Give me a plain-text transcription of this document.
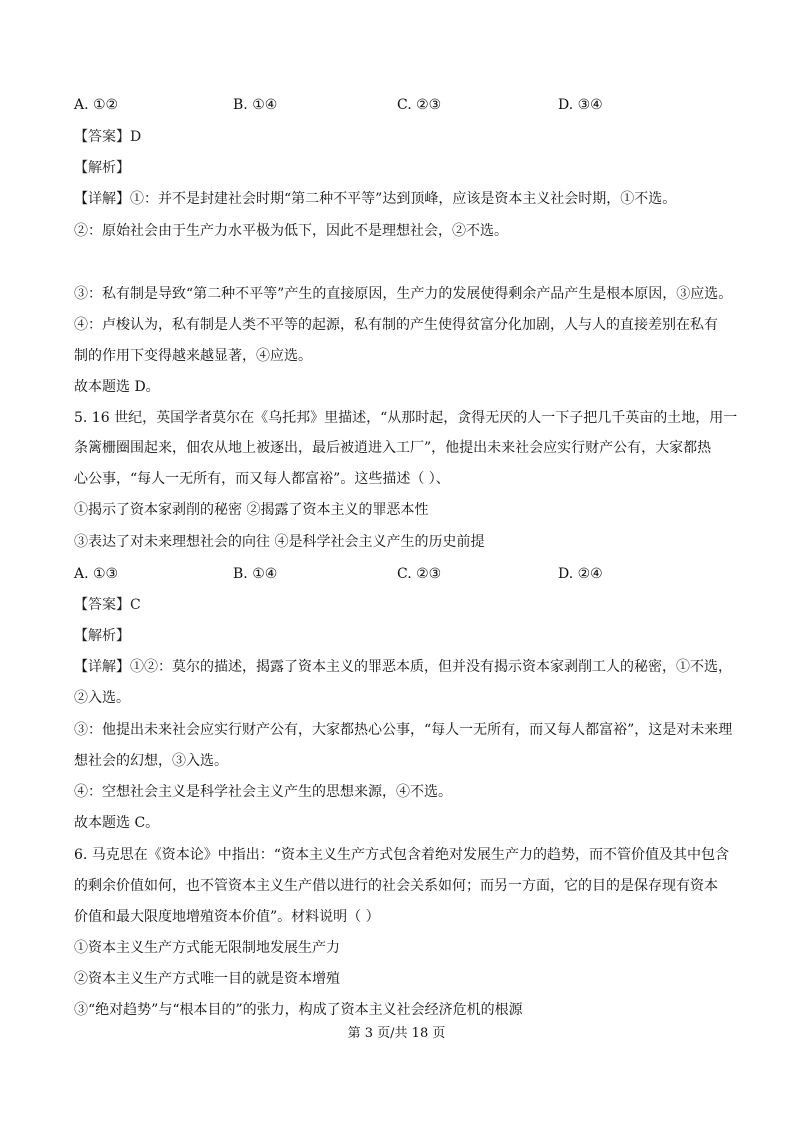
A. ①②	B. ①④	C. ②③	D. ③④
【答案】D
【解析】
【详解】①：并不是封建社会时期“第二种不平等”达到顶峰，应该是资本主义社会时期，①不选。
②：原始社会由于生产力水平极为低下，因此不是理想社会，②不选。
③：私有制是导致“第二种不平等”产生的直接原因，生产力的发展使得剩余产品产生是根本原因，③应选。
④：卢梭认为，私有制是人类不平等的起源，私有制的产生使得贫富分化加剧，人与人的直接差别在私有
制的作用下变得越来越显著，④应选。
故本题选 D。
5. 16 世纪，英国学者莫尔在《乌托邦》里描述，“从那时起，贪得无厌的人一下子把几千英亩的土地，用一
条篱栅圈围起来，佃农从地上被逐出，最后被逍进入工厂”，他提出未来社会应实行财产公有，大家都热
心公事，“每人一无所有，而又每人都富裕”。这些描述（ ）、
①揭示了资本家剥削的秘密 ②揭露了资本主义的罪恶本性
③表达了对未来理想社会的向往 ④是科学社会主义产生的历史前提
A. ①③	B. ①④	C. ②③	D. ②④
【答案】C
【解析】
【详解】①②：莫尔的描述，揭露了资本主义的罪恶本质，但并没有揭示资本家剥削工人的秘密，①不选，
②入选。
③：他提出未来社会应实行财产公有，大家都热心公事，“每人一无所有，而又每人都富裕”，这是对未来理
想社会的幻想，③入选。
④：空想社会主义是科学社会主义产生的思想来源，④不选。
故本题选 C。
6. 马克思在《资本论》中指出：“资本主义生产方式包含着绝对发展生产力的趋势，而不管价值及其中包含
的剩余价值如何，也不管资本主义生产借以进行的社会关系如何；而另一方面，它的目的是保存现有资本
价值和最大限度地增殖资本价值”。材料说明（ ）
①资本主义生产方式能无限制地发展生产力
②资本主义生产方式唯一目的就是资本增殖
③“绝对趋势”与“根本目的”的张力，构成了资本主义社会经济危机的根源
第 3 页/共 18 页
